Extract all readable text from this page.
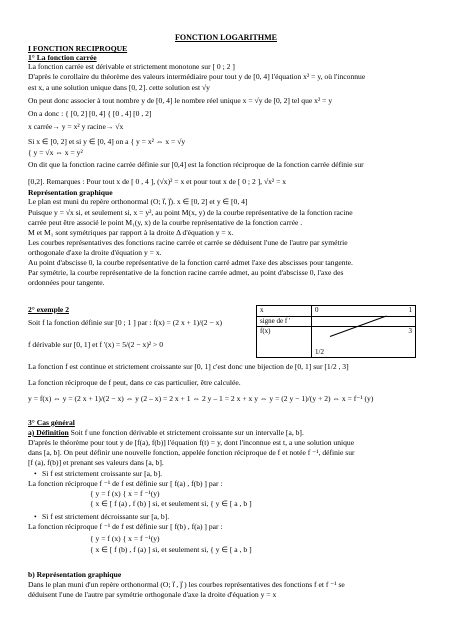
FONCTION LOGARITHME
I FONCTION RECIPROQUE
1° La fonction carrée
La fonction carrée est dérivable et strictement monotone sur [ 0 ; 2 ]
D'après le corollaire du théorème des valeurs intermédiaire pour tout y de [0, 4] l'équation x² = y, où l'inconnue
est x, a une solution unique dans [0, 2]. cette solution est √y
On peut donc associer à tout nombre y de [0, 4] le nombre réel unique x = √y de [0, 2] tel que x² = y
On a donc : { [0, 2] [0, 4] { [0 , 4] [0 , 2]
x carrée→ y = x² y racine→ √x
Si x ∈ [0, 2] et si y ∈ [0, 4] on a { y = x² ⇔ x = √y
{ y = √x ⇔ x = y²
On dit que la fonction racine carrée définie sur [0,4] est la fonction réciproque de la fonction carrée définie sur
[0,2]. Remarques : Pour tout x de [ 0 , 4 ], (√x)² = x et pour tout x de [ 0 ; 2 ], √x² = x
Représentation graphique
Le plan est muni du repère orthonormal (O; i⃗, j⃗). x ∈ [0, 2] et y ∈ [0, 4]
Puisque y = √x si, et seulement si, x = y², au point M(x, y) de la courbe représentative de la fonction racine
carrée peut être associé le point M₁(y, x) de la courbe représentative de la fonction carrée .
M et M₁ sont symétriques par rapport à la droite Δ d'équation y = x.
Les courbes représentatives des fonctions racine carrée et carrée se déduisent l'une de l'autre par symétrie
orthogonale d'axe la droite d'équation y = x.
Au point d'abscisse 0, la courbe représentative de la fonction carré admet l'axe des abscisses pour tangente.
Par symétrie, la courbe représentative de la fonction racine carrée admet, au point d'abscisse 0, l'axe des
ordonnées pour tangente.
2° exemple 2
Soit f la fonction définie sur [0 ; 1 ] par : f(x) = (2 x + 1)/(2 − x)
f dérivable sur [0, 1] et f '(x) = 5/(2 − x)² > 0
x	0	1
signe de f '		
f(x)	1/2	3
La fonction f est continue et strictement croissante sur [0, 1] c'est donc une bijection de [0, 1] sur [1/2 , 3]
La fonction réciproque de f peut, dans ce cas particulier, être calculée.
y = f(x) ⇔ y = (2 x + 1)/(2 − x) ⇔ y (2 – x) = 2 x + 1 ⇔ 2 y – 1 = 2 x + x y ⇔ y = (2 y − 1)/(y + 2) ⇔ x = f⁻¹ (y)
3° Cas général
a) Définition Soit f une fonction dérivable et strictement croissante sur un intervalle [a, b].
D'après le théorème pour tout y de [f(a), f(b)] l'équation f(t) = y, dont l'inconnue est t, a une solution unique
dans [a, b]. On peut définir une nouvelle fonction, appelée fonction réciproque de f et notée f ⁻¹, définie sur
[f (a), f(b)] et prenant ses valeurs dans [a, b].
Si f est strictement croissante sur [a, b].
•
La fonction réciproque f ⁻¹ de f est définie sur [ f(a) , f(b) ] par :
{ y = f (x) { x = f ⁻¹(y)
{ x ∈ [ f (a) , f (b) ] si, et seulement si, { y ∈ [ a , b ]
Si f est strictement décroissante sur [a, b].
•
La fonction réciproque f ⁻¹ de f est définie sur [ f(b) , f(a) ] par :
{ y = f (x) { x = f ⁻¹(y)
{ x ∈ [ f (b) , f (a) ] si, et seulement si, { y ∈ [ a , b ]
b) Représentation graphique
Dans le plan muni d'un repère orthonormal (O; i⃗ , j⃗ ) les courbes représentatives des fonctions f et f ⁻¹ se
déduisent l'une de l'autre par symétrie orthogonale d'axe la droite d'équation y = x
